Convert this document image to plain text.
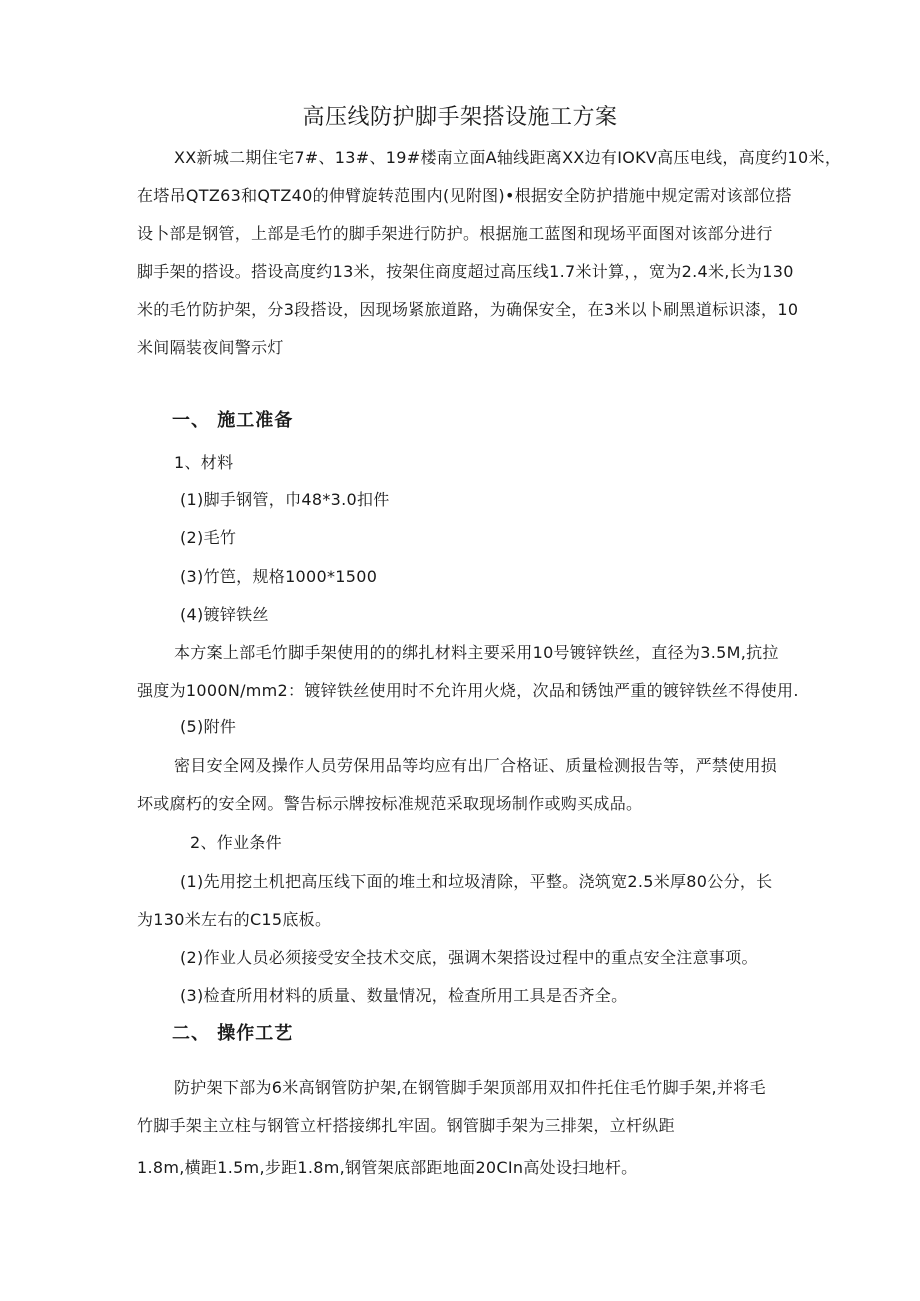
高压线防护脚手架搭设施工方案
XX新城二期住宅7#、13#、19#楼南立面A轴线距离XX边有IOKV高压电线，高度约10米，
在塔吊QTZ63和QTZ40的伸臂旋转范围内(见附图)•根据安全防护措施中规定需对该部位搭
设卜部是钢管，上部是毛竹的脚手架进行防护。根据施工蓝图和现场平面图对该部分进行
脚手架的搭设。搭设高度约13米，按架住商度超过高压线1.7米计算，，宽为2.4米,长为130
米的毛竹防护架，分3段搭设，因现场紧旅道路，为确保安全，在3米以卜刷黑道标识漆，10
米间隔装夜间警示灯
一、 施工准备
1、材料
(1)脚手钢管，巾48*3.0扣件
(2)毛竹
(3)竹笆，规格1000*1500
(4)镀锌铁丝
本方案上部毛竹脚手架使用的的绑扎材料主要采用10号镀锌铁丝，直径为3.5M,抗拉
强度为1000N/mm2：镀锌铁丝使用时不允许用火烧，次品和锈蚀严重的镀锌铁丝不得使用.
(5)附件
密目安全网及操作人员劳保用品等均应有出厂合格证、质量检测报告等，严禁使用损
坏或腐朽的安全网。警告标示牌按标准规范采取现场制作或购买成品。
2、作业条件
(1)先用挖土机把高压线下面的堆土和垃圾清除，平整。浇筑宽2.5米厚80公分，长
为130米左右的C15底板。
(2)作业人员必须接受安全技术交底，强调木架搭设过程中的重点安全注意事项。
(3)检査所用材料的质量、数量情况，检查所用工具是否齐全。
二、 操作工艺
防护架下部为6米高钢管防护架,在钢管脚手架顶部用双扣件托住毛竹脚手架,并将毛
竹脚手架主立柱与钢管立杆搭接绑扎牢固。钢管脚手架为三排架，立杆纵距
1.8m,横距1.5m,步距1.8m,钢管架底部距地面20CIn高处设扫地杆。
